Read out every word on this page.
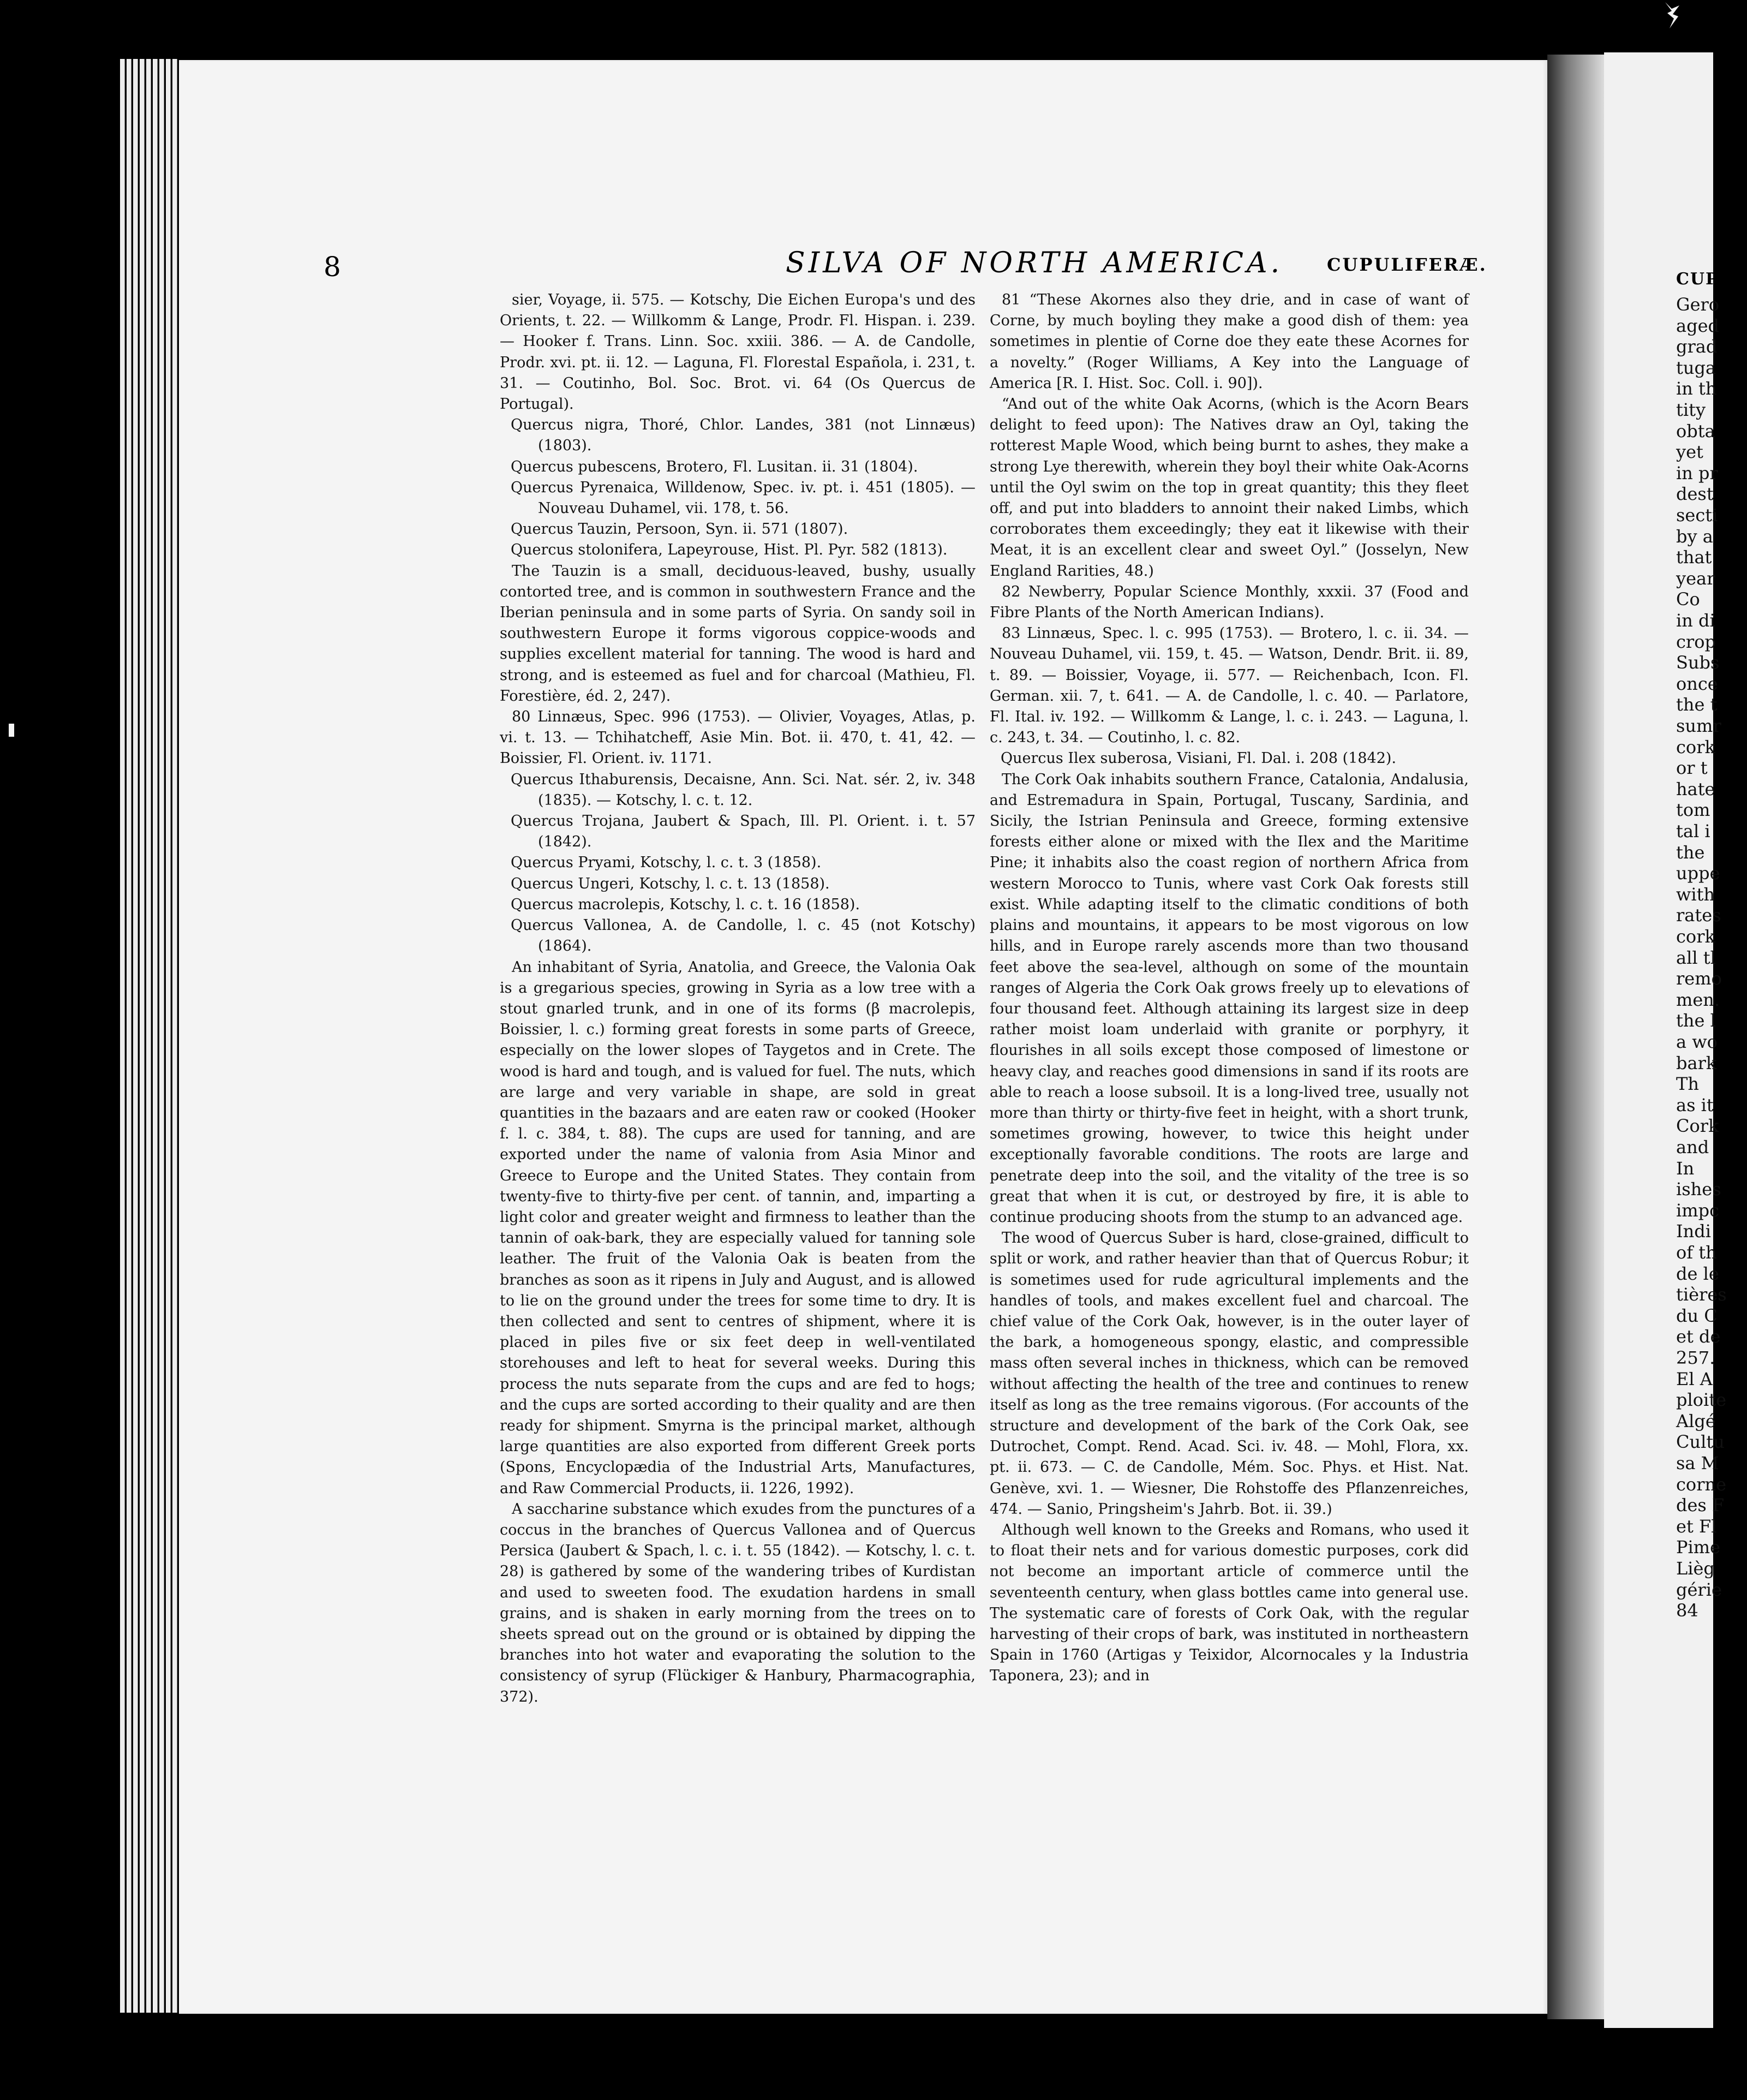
8	SILVA OF NORTH AMERICA.	CUPULIFERÆ.

sier, Voyage, ii. 575. — Kotschy, Die Eichen Europa's und des Orients, t. 22. — Willkomm & Lange, Prodr. Fl. Hispan. i. 239. — Hooker f. Trans. Linn. Soc. xxiii. 386. — A. de Candolle, Prodr. xvi. pt. ii. 12. — Laguna, Fl. Florestal Española, i. 231, t. 31. — Coutinho, Bol. Soc. Brot. vi. 64 (Os Quercus de Portugal).

Quercus nigra, Thoré, Chlor. Landes, 381 (not Linnæus) (1803).

Quercus pubescens, Brotero, Fl. Lusitan. ii. 31 (1804).

Quercus Pyrenaica, Willdenow, Spec. iv. pt. i. 451 (1805). — Nouveau Duhamel, vii. 178, t. 56.

Quercus Tauzin, Persoon, Syn. ii. 571 (1807).

Quercus stolonifera, Lapeyrouse, Hist. Pl. Pyr. 582 (1813).

The Tauzin is a small, deciduous-leaved, bushy, usually contorted tree, and is common in southwestern France and the Iberian peninsula and in some parts of Syria. On sandy soil in southwestern Europe it forms vigorous coppice-woods and supplies excellent material for tanning. The wood is hard and strong, and is esteemed as fuel and for charcoal (Mathieu, Fl. Forestière, éd. 2, 247).

80 Linnæus, Spec. 996 (1753). — Olivier, Voyages, Atlas, p. vi. t. 13. — Tchihatcheff, Asie Min. Bot. ii. 470, t. 41, 42. — Boissier, Fl. Orient. iv. 1171.

Quercus Ithaburensis, Decaisne, Ann. Sci. Nat. sér. 2, iv. 348 (1835). — Kotschy, l. c. t. 12.

Quercus Trojana, Jaubert & Spach, Ill. Pl. Orient. i. t. 57 (1842).

Quercus Pryami, Kotschy, l. c. t. 3 (1858).

Quercus Ungeri, Kotschy, l. c. t. 13 (1858).

Quercus macrolepis, Kotschy, l. c. t. 16 (1858).

Quercus Vallonea, A. de Candolle, l. c. 45 (not Kotschy) (1864).

An inhabitant of Syria, Anatolia, and Greece, the Valonia Oak is a gregarious species, growing in Syria as a low tree with a stout gnarled trunk, and in one of its forms (β macrolepis, Boissier, l. c.) forming great forests in some parts of Greece, especially on the lower slopes of Taygetos and in Crete. The wood is hard and tough, and is valued for fuel. The nuts, which are large and very variable in shape, are sold in great quantities in the bazaars and are eaten raw or cooked (Hooker f. l. c. 384, t. 88). The cups are used for tanning, and are exported under the name of valonia from Asia Minor and Greece to Europe and the United States. They contain from twenty-five to thirty-five per cent. of tannin, and, imparting a light color and greater weight and firmness to leather than the tannin of oak-bark, they are especially valued for tanning sole leather. The fruit of the Valonia Oak is beaten from the branches as soon as it ripens in July and August, and is allowed to lie on the ground under the trees for some time to dry. It is then collected and sent to centres of shipment, where it is placed in piles five or six feet deep in well-ventilated storehouses and left to heat for several weeks. During this process the nuts separate from the cups and are fed to hogs; and the cups are sorted according to their quality and are then ready for shipment. Smyrna is the principal market, although large quantities are also exported from different Greek ports (Spons, Encyclopædia of the Industrial Arts, Manufactures, and Raw Commercial Products, ii. 1226, 1992).

A saccharine substance which exudes from the punctures of a coccus in the branches of Quercus Vallonea and of Quercus Persica (Jaubert & Spach, l. c. i. t. 55 (1842). — Kotschy, l. c. t. 28) is gathered by some of the wandering tribes of Kurdistan and used to sweeten food. The exudation hardens in small grains, and is shaken in early morning from the trees on to sheets spread out on the ground or is obtained by dipping the branches into hot water and evaporating the solution to the consistency of syrup (Flückiger & Hanbury, Pharmacographia, 372).

81 “These Akornes also they drie, and in case of want of Corne, by much boyling they make a good dish of them: yea sometimes in plentie of Corne doe they eate these Acornes for a novelty.” (Roger Williams, A Key into the Language of America [R. I. Hist. Soc. Coll. i. 90]).

“And out of the white Oak Acorns, (which is the Acorn Bears delight to feed upon): The Natives draw an Oyl, taking the rotterest Maple Wood, which being burnt to ashes, they make a strong Lye therewith, wherein they boyl their white Oak-Acorns until the Oyl swim on the top in great quantity; this they fleet off, and put into bladders to annoint their naked Limbs, which corroborates them exceedingly; they eat it likewise with their Meat, it is an excellent clear and sweet Oyl.” (Josselyn, New England Rarities, 48.)

82 Newberry, Popular Science Monthly, xxxii. 37 (Food and Fibre Plants of the North American Indians).

83 Linnæus, Spec. l. c. 995 (1753). — Brotero, l. c. ii. 34. — Nouveau Duhamel, vii. 159, t. 45. — Watson, Dendr. Brit. ii. 89, t. 89. — Boissier, Voyage, ii. 577. — Reichenbach, Icon. Fl. German. xii. 7, t. 641. — A. de Candolle, l. c. 40. — Parlatore, Fl. Ital. iv. 192. — Willkomm & Lange, l. c. i. 243. — Laguna, l. c. 243, t. 34. — Coutinho, l. c. 82.

Quercus Ilex suberosa, Visiani, Fl. Dal. i. 208 (1842).

The Cork Oak inhabits southern France, Catalonia, Andalusia, and Estremadura in Spain, Portugal, Tuscany, Sardinia, and Sicily, the Istrian Peninsula and Greece, forming extensive forests either alone or mixed with the Ilex and the Maritime Pine; it inhabits also the coast region of northern Africa from western Morocco to Tunis, where vast Cork Oak forests still exist. While adapting itself to the climatic conditions of both plains and mountains, it appears to be most vigorous on low hills, and in Europe rarely ascends more than two thousand feet above the sea-level, although on some of the mountain ranges of Algeria the Cork Oak grows freely up to elevations of four thousand feet. Although attaining its largest size in deep rather moist loam underlaid with granite or porphyry, it flourishes in all soils except those composed of limestone or heavy clay, and reaches good dimensions in sand if its roots are able to reach a loose subsoil. It is a long-lived tree, usually not more than thirty or thirty-five feet in height, with a short trunk, sometimes growing, however, to twice this height under exceptionally favorable conditions. The roots are large and penetrate deep into the soil, and the vitality of the tree is so great that when it is cut, or destroyed by fire, it is able to continue producing shoots from the stump to an advanced age.

The wood of Quercus Suber is hard, close-grained, difficult to split or work, and rather heavier than that of Quercus Robur; it is sometimes used for rude agricultural implements and the handles of tools, and makes excellent fuel and charcoal. The chief value of the Cork Oak, however, is in the outer layer of the bark, a homogeneous spongy, elastic, and compressible mass often several inches in thickness, which can be removed without affecting the health of the tree and continues to renew itself as long as the tree remains vigorous. (For accounts of the structure and development of the bark of the Cork Oak, see Dutrochet, Compt. Rend. Acad. Sci. iv. 48. — Mohl, Flora, xx. pt. ii. 673. — C. de Candolle, Mém. Soc. Phys. et Hist. Nat. Genève, xvi. 1. — Wiesner, Die Rohstoffe des Pflanzenreiches, 474. — Sanio, Pringsheim's Jahrb. Bot. ii. 39.)

Although well known to the Greeks and Romans, who used it to float their nets and for various domestic purposes, cork did not become an important article of commerce until the seventeenth century, when glass bottles came into general use. The systematic care of forests of Cork Oak, with the regular harvesting of their crops of bark, was instituted in northeastern Spain in 1760 (Artigas y Teixidor, Alcornocales y la Industria Taponera, 23); and in

CUPUL
Gero
aged
grad
tuga
in th
tity
obta
yet
in pr
dest
secti
by a
that
year
Co
in di
crop
Subs
once
the t
sumr
cork
or t
hate
tom
tal i
the
uppe
with
rates
cork
all tl
remo
men.
the l
a wo
bark
Th
as it
Cork
and
In
ishes
impc
Indi
of th
de le
tières
du C
et de
257.
El A
ploite
Algé
Cultu
sa M
corne
des F
et Fl
Pime
Lièg
gérie
84
